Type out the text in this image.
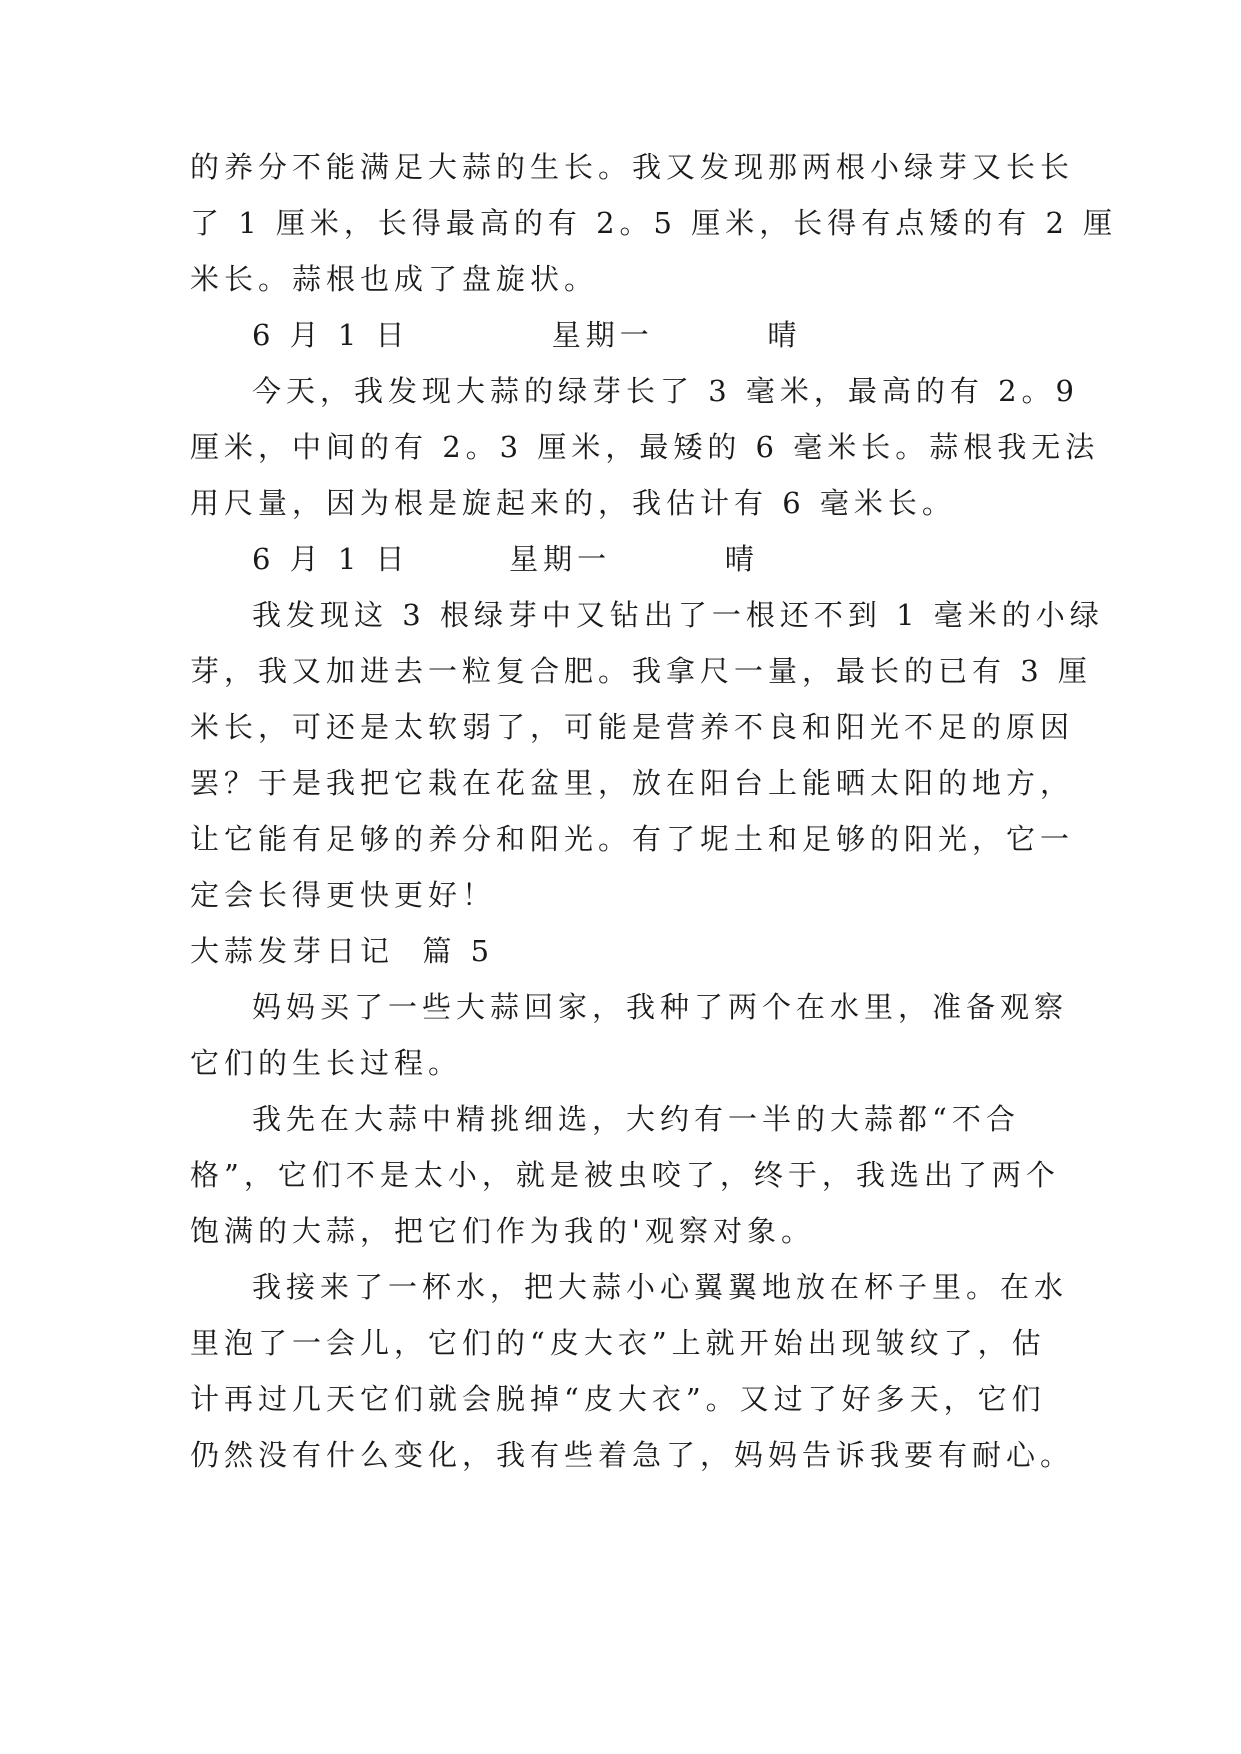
的养分不能满足大蒜的生长。我又发现那两根小绿芽又长长
了 1 厘米，长得最高的有 2。5 厘米，长得有点矮的有 2 厘
米长。蒜根也成了盘旋状。
6 月 1 日          星期一        晴
今天，我发现大蒜的绿芽长了 3 毫米，最高的有 2。9
厘米，中间的有 2。3 厘米，最矮的 6 毫米长。蒜根我无法
用尺量，因为根是旋起来的，我估计有 6 毫米长。
6 月 1 日       星期一        晴
我发现这 3 根绿芽中又钻出了一根还不到 1 毫米的小绿
芽，我又加进去一粒复合肥。我拿尺一量，最长的已有 3 厘
米长，可还是太软弱了，可能是营养不良和阳光不足的原因
罢？于是我把它栽在花盆里，放在阳台上能晒太阳的地方，
让它能有足够的养分和阳光。有了坭土和足够的阳光，它一
定会长得更快更好！
大蒜发芽日记  篇 5
妈妈买了一些大蒜回家，我种了两个在水里，准备观察
它们的生长过程。
我先在大蒜中精挑细选，大约有一半的大蒜都“不合
格”，它们不是太小，就是被虫咬了，终于，我选出了两个
饱满的大蒜，把它们作为我的'观察对象。
我接来了一杯水，把大蒜小心翼翼地放在杯子里。在水
里泡了一会儿，它们的“皮大衣”上就开始出现皱纹了，估
计再过几天它们就会脱掉“皮大衣”。又过了好多天，它们
仍然没有什么变化，我有些着急了，妈妈告诉我要有耐心。
